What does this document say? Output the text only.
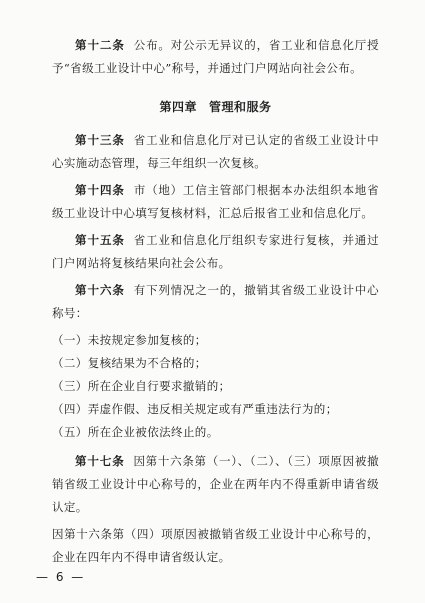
第十二条 公布。对公示无异议的，省工业和信息化厅授予“省级工业设计中心”称号，并通过门户网站向社会公布。

第四章 管理和服务

第十三条 省工业和信息化厅对已认定的省级工业设计中心实施动态管理，每三年组织一次复核。

第十四条 市（地）工信主管部门根据本办法组织本地省级工业设计中心填写复核材料，汇总后报省工业和信息化厅。

第十五条 省工业和信息化厅组织专家进行复核，并通过门户网站将复核结果向社会公布。

第十六条 有下列情况之一的，撤销其省级工业设计中心称号：

（一）未按规定参加复核的；

（二）复核结果为不合格的；

（三）所在企业自行要求撤销的；

（四）弄虚作假、违反相关规定或有严重违法行为的；

（五）所在企业被依法终止的。

第十七条 因第十六条第（一）、（二）、（三）项原因被撤销省级工业设计中心称号的，企业在两年内不得重新申请省级认定。

因第十六条第（四）项原因被撤销省级工业设计中心称号的，企业在四年内不得申请省级认定。

— 6 —
